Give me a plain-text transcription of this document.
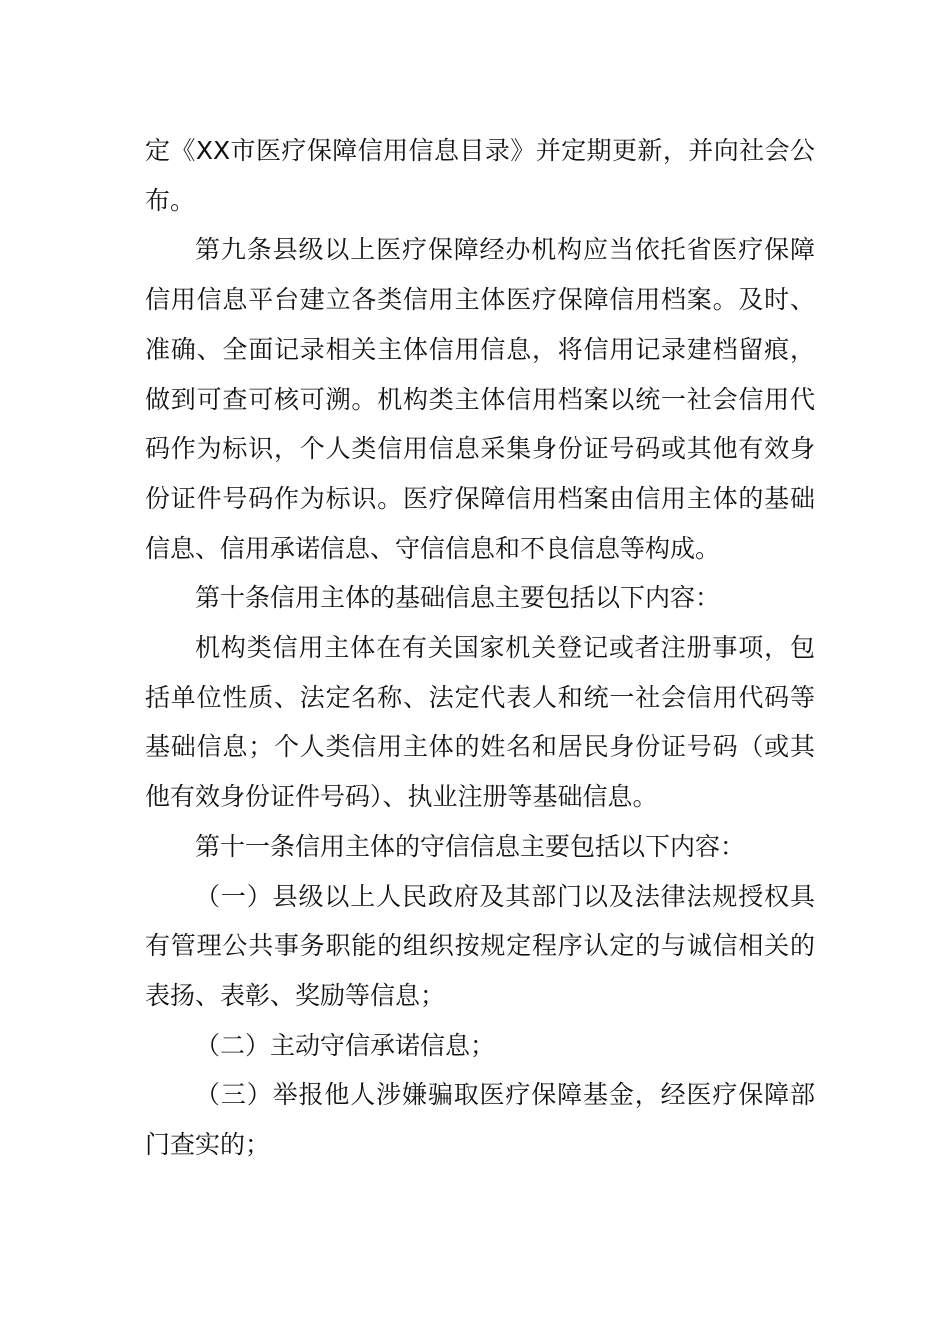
定《XX市医疗保障信用信息目录》并定期更新，并向社会公布。

第九条县级以上医疗保障经办机构应当依托省医疗保障信用信息平台建立各类信用主体医疗保障信用档案。及时、准确、全面记录相关主体信用信息，将信用记录建档留痕，做到可查可核可溯。机构类主体信用档案以统一社会信用代码作为标识，个人类信用信息采集身份证号码或其他有效身份证件号码作为标识。医疗保障信用档案由信用主体的基础信息、信用承诺信息、守信信息和不良信息等构成。

第十条信用主体的基础信息主要包括以下内容：

机构类信用主体在有关国家机关登记或者注册事项，包括单位性质、法定名称、法定代表人和统一社会信用代码等基础信息；个人类信用主体的姓名和居民身份证号码（或其他有效身份证件号码）、执业注册等基础信息。

第十一条信用主体的守信信息主要包括以下内容：

（一）县级以上人民政府及其部门以及法律法规授权具有管理公共事务职能的组织按规定程序认定的与诚信相关的表扬、表彰、奖励等信息；

（二）主动守信承诺信息；

（三）举报他人涉嫌骗取医疗保障基金，经医疗保障部门查实的；
